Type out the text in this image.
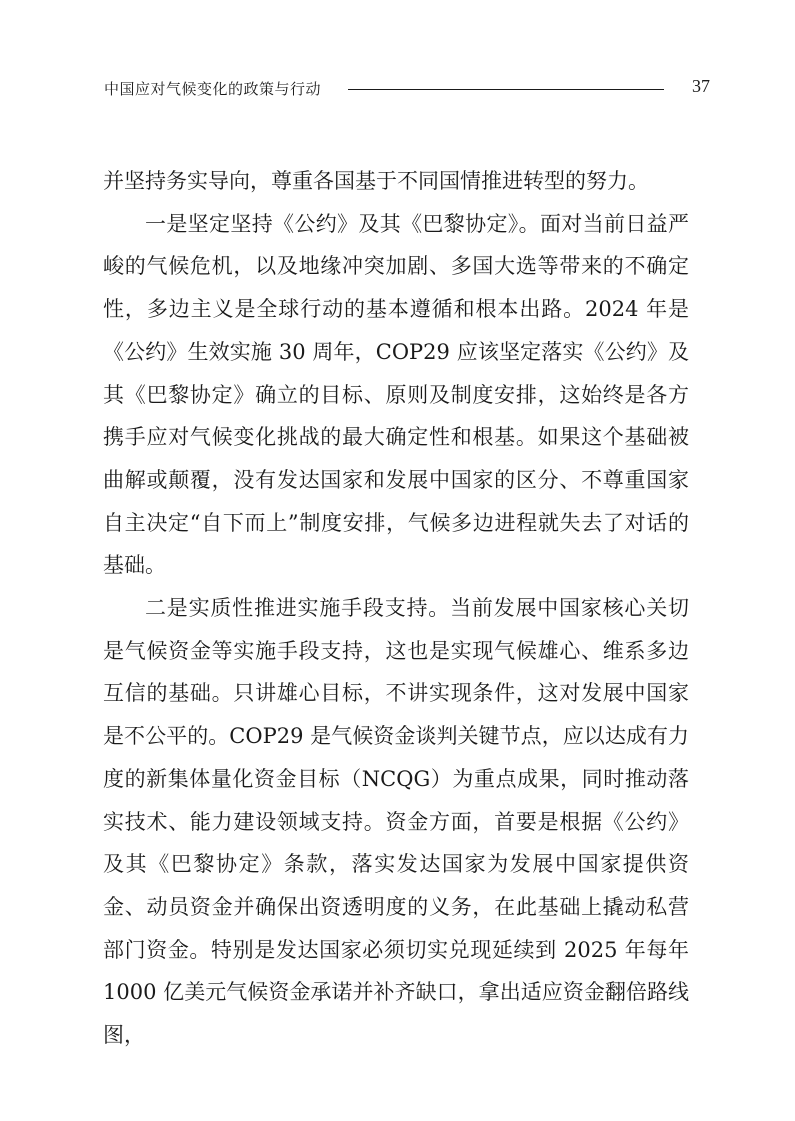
中国应对气候变化的政策与行动	37

并坚持务实导向，尊重各国基于不同国情推进转型的努力。

一是坚定坚持《公约》及其《巴黎协定》。面对当前日益严峻的气候危机，以及地缘冲突加剧、多国大选等带来的不确定性，多边主义是全球行动的基本遵循和根本出路。2024 年是《公约》生效实施 30 周年，COP29 应该坚定落实《公约》及其《巴黎协定》确立的目标、原则及制度安排，这始终是各方携手应对气候变化挑战的最大确定性和根基。如果这个基础被曲解或颠覆，没有发达国家和发展中国家的区分、不尊重国家自主决定“自下而上”制度安排，气候多边进程就失去了对话的基础。

二是实质性推进实施手段支持。当前发展中国家核心关切是气候资金等实施手段支持，这也是实现气候雄心、维系多边互信的基础。只讲雄心目标，不讲实现条件，这对发展中国家是不公平的。COP29 是气候资金谈判关键节点，应以达成有力度的新集体量化资金目标（NCQG）为重点成果，同时推动落实技术、能力建设领域支持。资金方面，首要是根据《公约》及其《巴黎协定》条款，落实发达国家为发展中国家提供资金、动员资金并确保出资透明度的义务，在此基础上撬动私营部门资金。特别是发达国家必须切实兑现延续到 2025 年每年 1000 亿美元气候资金承诺并补齐缺口，拿出适应资金翻倍路线图，
